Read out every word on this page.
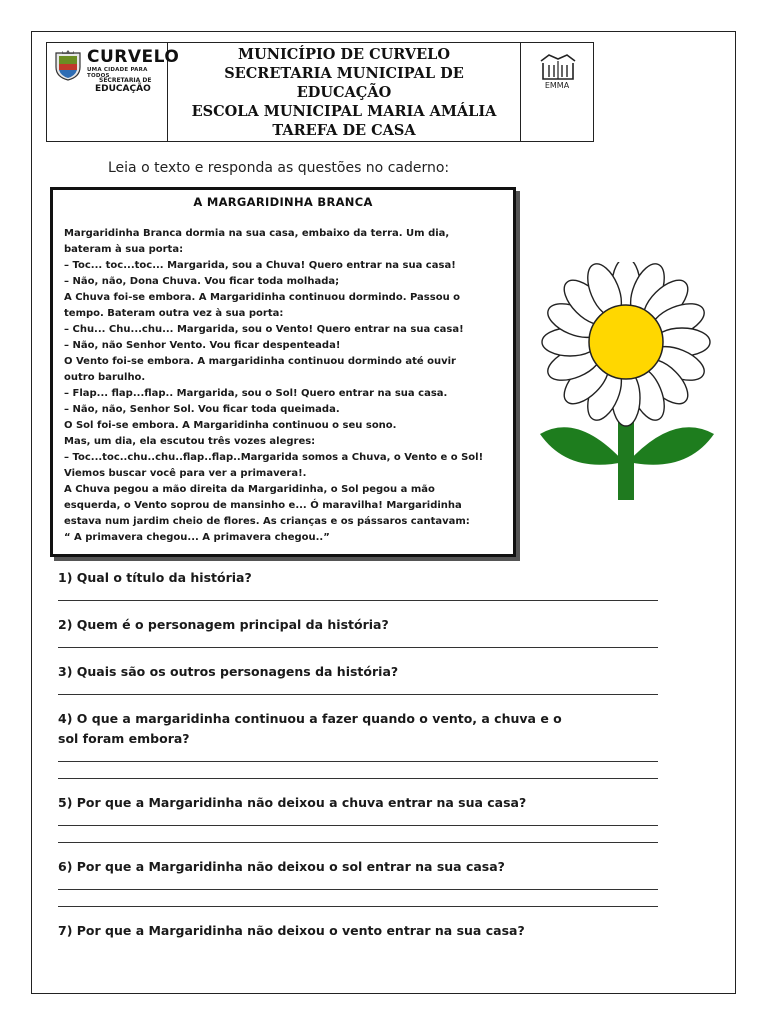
CURVELO
UMA CIDADE PARA TODOS
SECRETARIA DE
EDUCAÇÃO
MUNICÍPIO DE CURVELO
SECRETARIA MUNICIPAL DE
EDUCAÇÃO
ESCOLA MUNICIPAL MARIA AMÁLIA
TAREFA DE CASA
EMMA
Leia o texto e responda as questões no caderno:
A MARGARIDINHA BRANCA
Margaridinha Branca dormia na sua casa, embaixo da terra. Um dia,
bateram à sua porta:
– Toc... toc...toc... Margarida, sou a Chuva! Quero entrar na sua casa!
– Não, não, Dona Chuva. Vou ficar toda molhada;
A Chuva foi-se embora. A Margaridinha continuou dormindo. Passou o
tempo. Bateram outra vez à sua porta:
– Chu... Chu...chu... Margarida, sou o Vento! Quero entrar na sua casa!
– Não, não Senhor Vento. Vou ficar despenteada!
O Vento foi-se embora. A margaridinha continuou dormindo até ouvir
outro barulho.
– Flap... flap...flap.. Margarida, sou o Sol! Quero entrar na sua casa.
– Não, não, Senhor Sol. Vou ficar toda queimada.
O Sol foi-se embora. A Margaridinha continuou o seu sono.
Mas, um dia, ela escutou três vozes alegres:
– Toc...toc..chu..chu..flap..flap..Margarida somos a Chuva, o Vento e o Sol!
Viemos buscar você para ver a primavera!.
A Chuva pegou a mão direita da Margaridinha, o Sol pegou a mão
esquerda, o Vento soprou de mansinho e... Ó maravilha! Margaridinha
estava num jardim cheio de flores. As crianças e os pássaros cantavam:
“ A primavera chegou... A primavera chegou..”
1) Qual o título da história?
2) Quem é o personagem principal da história?
3) Quais são os outros personagens da história?
4) O que a margaridinha continuou a fazer quando o vento, a chuva e o
sol foram embora?
5) Por que a Margaridinha não deixou a chuva entrar na sua casa?
6) Por que a Margaridinha não deixou o sol entrar na sua casa?
7) Por que a Margaridinha não deixou o vento entrar na sua casa?
